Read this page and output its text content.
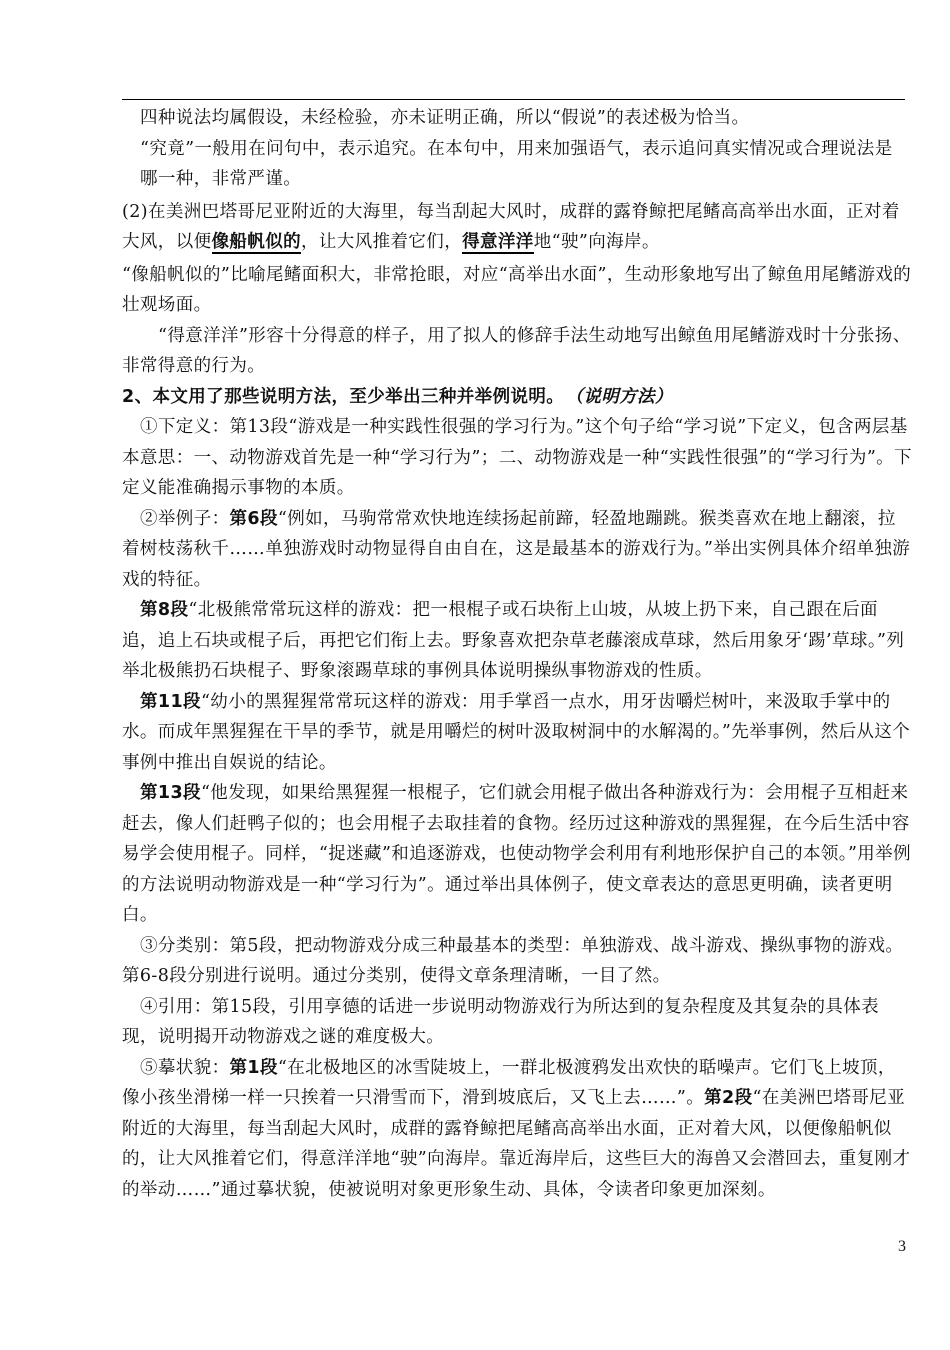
四种说法均属假设，未经检验，亦未证明正确，所以“假说”的表述极为恰当。

“究竟”一般用在问句中，表示追究。在本句中，用来加强语气，表示追问真实情况或合理说法是哪一种，非常严谨。

(2)在美洲巴塔哥尼亚附近的大海里，每当刮起大风时，成群的露脊鲸把尾鳍高高举出水面，正对着大风，以便像船帆似的，让大风推着它们，得意洋洋地“驶”向海岸。

“像船帆似的”比喻尾鳍面积大，非常抢眼，对应“高举出水面”，生动形象地写出了鲸鱼用尾鳍游戏的壮观场面。

“得意洋洋”形容十分得意的样子，用了拟人的修辞手法生动地写出鲸鱼用尾鳍游戏时十分张扬、非常得意的行为。

2、本文用了那些说明方法，至少举出三种并举例说明。 （说明方法）

①下定义：第13段“游戏是一种实践性很强的学习行为。”这个句子给“学习说”下定义，包含两层基本意思：一、动物游戏首先是一种“学习行为”；二、动物游戏是一种“实践性很强”的“学习行为”。下定义能准确揭示事物的本质。

②举例子：第6段“例如，马驹常常欢快地连续扬起前蹄，轻盈地蹦跳。猴类喜欢在地上翻滚，拉着树枝荡秋千……单独游戏时动物显得自由自在，这是最基本的游戏行为。”举出实例具体介绍单独游戏的特征。

第8段“北极熊常常玩这样的游戏：把一根棍子或石块衔上山坡，从坡上扔下来，自己跟在后面追，追上石块或棍子后，再把它们衔上去。野象喜欢把杂草老藤滚成草球，然后用象牙‘踢’草球。”列举北极熊扔石块棍子、野象滚踢草球的事例具体说明操纵事物游戏的性质。

第11段“幼小的黑猩猩常常玩这样的游戏：用手掌舀一点水，用牙齿嚼烂树叶，来汲取手掌中的水。而成年黑猩猩在干旱的季节，就是用嚼烂的树叶汲取树洞中的水解渴的。”先举事例，然后从这个事例中推出自娱说的结论。

第13段“他发现，如果给黑猩猩一根棍子，它们就会用棍子做出各种游戏行为：会用棍子互相赶来赶去，像人们赶鸭子似的；也会用棍子去取挂着的食物。经历过这种游戏的黑猩猩，在今后生活中容易学会使用棍子。同样，“捉迷藏”和追逐游戏，也使动物学会利用有利地形保护自己的本领。”用举例的方法说明动物游戏是一种“学习行为”。通过举出具体例子，使文章表达的意思更明确，读者更明白。

③分类别：第5段，把动物游戏分成三种最基本的类型：单独游戏、战斗游戏、操纵事物的游戏。第6-8段分别进行说明。通过分类别，使得文章条理清晰，一目了然。

④引用：第15段，引用享德的话进一步说明动物游戏行为所达到的复杂程度及其复杂的具体表现，说明揭开动物游戏之谜的难度极大。

⑤摹状貌：第1段“在北极地区的冰雪陡坡上，一群北极渡鸦发出欢快的聒噪声。它们飞上坡顶，像小孩坐滑梯一样一只挨着一只滑雪而下，滑到坡底后，又飞上去……”。第2段“在美洲巴塔哥尼亚附近的大海里，每当刮起大风时，成群的露脊鲸把尾鳍高高举出水面，正对着大风，以便像船帆似的，让大风推着它们，得意洋洋地“驶”向海岸。靠近海岸后，这些巨大的海兽又会潜回去，重复刚才的举动……”通过摹状貌，使被说明对象更形象生动、具体，令读者印象更加深刻。

3
